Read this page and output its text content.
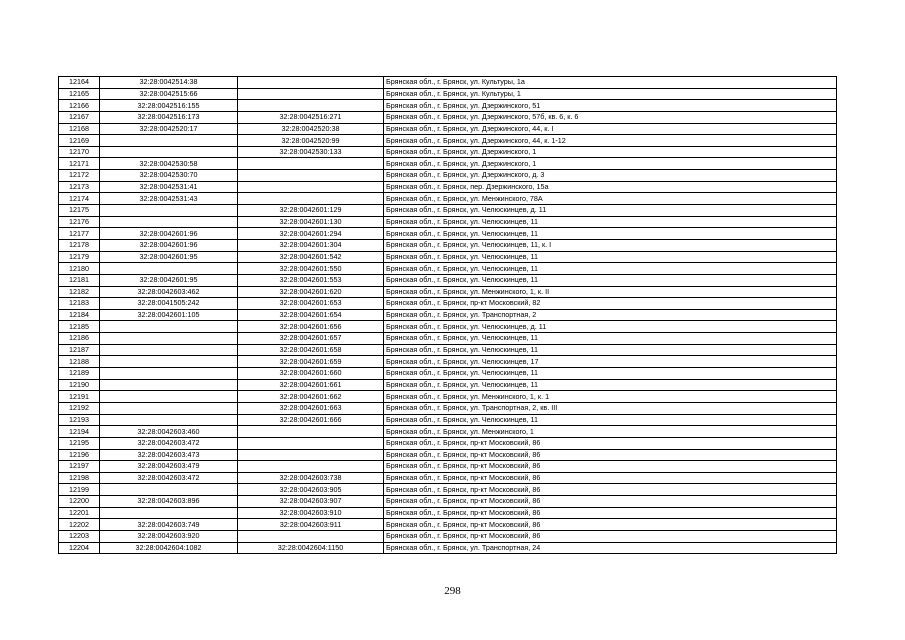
12164	32:28:0042514:38		Брянская обл., г. Брянск, ул. Культуры, 1а
12165	32:28:0042515:66		Брянская обл., г. Брянск, ул. Культуры, 1
12166	32:28:0042516:155		Брянская обл., г. Брянск, ул. Дзержинского, 51
12167	32:28:0042516:173	32:28:0042516:271	Брянская обл., г. Брянск, ул. Дзержинского, 57б, кв. 6, к. 6
12168	32:28:0042520:17	32:28:0042520:38	Брянская обл., г. Брянск, ул. Дзержинского, 44, к. I
12169		32:28:0042520:99	Брянская обл., г. Брянск, ул. Дзержинского, 44, к. 1-12
12170		32:28:0042530:133	Брянская обл., г. Брянск, ул. Дзержинского, 1
12171	32:28:0042530:58		Брянская обл., г. Брянск, ул. Дзержинского, 1
12172	32:28:0042530:70		Брянская обл., г. Брянск, ул. Дзержинского, д. 3
12173	32:28:0042531:41		Брянская обл., г. Брянск, пер. Дзержинского, 15а
12174	32:28:0042531:43		Брянская обл., г. Брянск, ул. Менжинского, 78А
12175		32:28:0042601:129	Брянская обл., г. Брянск, ул. Челюскинцев, д. 11
12176		32:28:0042601:130	Брянская обл., г. Брянск, ул. Челюскинцев, 11
12177	32:28:0042601:96	32:28:0042601:294	Брянская обл., г. Брянск, ул. Челюскинцев, 11
12178	32:28:0042601:96	32:28:0042601:304	Брянская обл., г. Брянск, ул. Челюскинцев, 11, к. I
12179	32:28:0042601:95	32:28:0042601:542	Брянская обл., г. Брянск, ул. Челюскинцев, 11
12180		32:28:0042601:550	Брянская обл., г. Брянск, ул. Челюскинцев, 11
12181	32:28:0042601:95	32:28:0042601:553	Брянская обл., г. Брянск, ул. Челюскинцев, 11
12182	32:28:0042603:462	32:28:0042601:620	Брянская обл., г. Брянск, ул. Менжинского, 1, к. II
12183	32:28:0041505:242	32:28:0042601:653	Брянская обл., г. Брянск, пр-кт Московский, 82
12184	32:28:0042601:105	32:28:0042601:654	Брянская обл., г. Брянск, ул. Транспортная, 2
12185		32:28:0042601:656	Брянская обл., г. Брянск, ул. Челюскинцев, д. 11
12186		32:28:0042601:657	Брянская обл., г. Брянск, ул. Челюскинцев, 11
12187		32:28:0042601:658	Брянская обл., г. Брянск, ул. Челюскинцев, 11
12188		32:28:0042601:659	Брянская обл., г. Брянск, ул. Челюскинцев, 17
12189		32:28:0042601:660	Брянская обл., г. Брянск, ул. Челюскинцев, 11
12190		32:28:0042601:661	Брянская обл., г. Брянск, ул. Челюскинцев, 11
12191		32:28:0042601:662	Брянская обл., г. Брянск, ул. Менжинского, 1, к. 1
12192		32:28:0042601:663	Брянская обл., г. Брянск, ул. Транспортная, 2, кв. III
12193		32:28:0042601:666	Брянская обл., г. Брянск, ул. Челюскинцев, 11
12194	32:28:0042603:460		Брянская обл., г. Брянск, ул. Менжинского, 1
12195	32:28:0042603:472		Брянская обл., г. Брянск, пр-кт Московский, 86
12196	32:28:0042603:473		Брянская обл., г. Брянск, пр-кт Московский, 86
12197	32:28:0042603:479		Брянская обл., г. Брянск, пр-кт Московский, 86
12198	32:28:0042603:472	32:28:0042603:738	Брянская обл., г. Брянск, пр-кт Московский, 86
12199		32:28:0042603:905	Брянская обл., г. Брянск, пр-кт Московский, 86
12200	32:28:0042603:896	32:28:0042603:907	Брянская обл., г. Брянск, пр-кт Московский, 86
12201		32:28:0042603:910	Брянская обл., г. Брянск, пр-кт Московский, 86
12202	32:28:0042603:749	32:28:0042603:911	Брянская обл., г. Брянск, пр-кт Московский, 86
12203	32:28:0042603:920		Брянская обл., г. Брянск, пр-кт Московский, 86
12204	32:28:0042604:1082	32:28:0042604:1150	Брянская обл., г. Брянск, ул. Транспортная, 24
298
